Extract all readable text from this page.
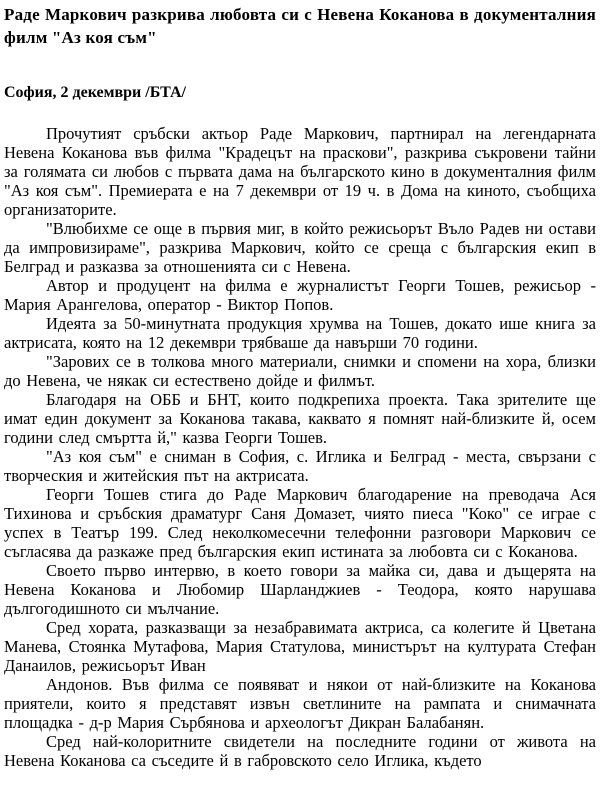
Раде Маркович разкрива любовта си с Невена Коканова в документалния филм "Аз коя съм"

София, 2 декември /БТА/

Прочутият сръбски актьор Раде Маркович, партнирал на легендарната Невена Коканова във филма "Крадецът на праскови", разкрива съкровени тайни за голямата си любов с първата дама на българското кино в документалния филм "Аз коя съм". Премиерата е на 7 декември от 19 ч. в Дома на киното, съобщиха организаторите.

"Влюбихме се още в първия миг, в който режисьорът Въло Радев ни остави да импровизираме", разкрива Маркович, който се среща с българския екип в Белград и разказва за отношенията си с Невена.

Автор и продуцент на филма е журналистът Георги Тошев, режисьор - Мария Арангелова, оператор - Виктор Попов.

Идеята за 50-минутната продукция хрумва на Тошев, докато ише книга за актрисата, която на 12 декември трябваше да навърши 70 години.

"Зарових се в толкова много материали, снимки и спомени на хора, близки до Невена, че някак си естествено дойде и филмът.

Благодаря на ОББ и БНТ, които подкрепиха проекта. Така зрителите ще имат един документ за Коканова такава, каквато я помнят най-близките й, осем години след смъртта й," казва Георги Тошев.

"Аз коя съм" е сниман в София, с. Иглика и Белград - места, свързани с творческия и житейския път на актрисата.

Георги Тошев стига до Раде Маркович благодарение на преводача Ася Тихинова и сръбския драматург Саня Домазет, чиято пиеса "Коко" се играе с успех в Театър 199. След неколкомесечни телефонни разговори Маркович се съгласява да разкаже пред българския екип истината за любовта си с Коканова.

Своето първо интервю, в което говори за майка си, дава и дъщерята на Невена Коканова и Любомир Шарланджиев - Теодора, която нарушава дългогодишното си мълчание.

Сред хората, разказващи за незабравимата актриса, са колегите й Цветана Манева, Стоянка Мутафова, Мария Статулова, министърът на културата Стефан Данаилов, режисьорът Иван

Андонов. Във филма се появяват и някои от най-близките на Коканова приятели, които я представят извън светлините на рампата и снимачната площадка - д-р Мария Сърбянова и археологът Дикран Балабанян.

Сред най-колоритните свидетели на последните години от живота на Невена Коканова са съседите й в габровското село Иглика, където
